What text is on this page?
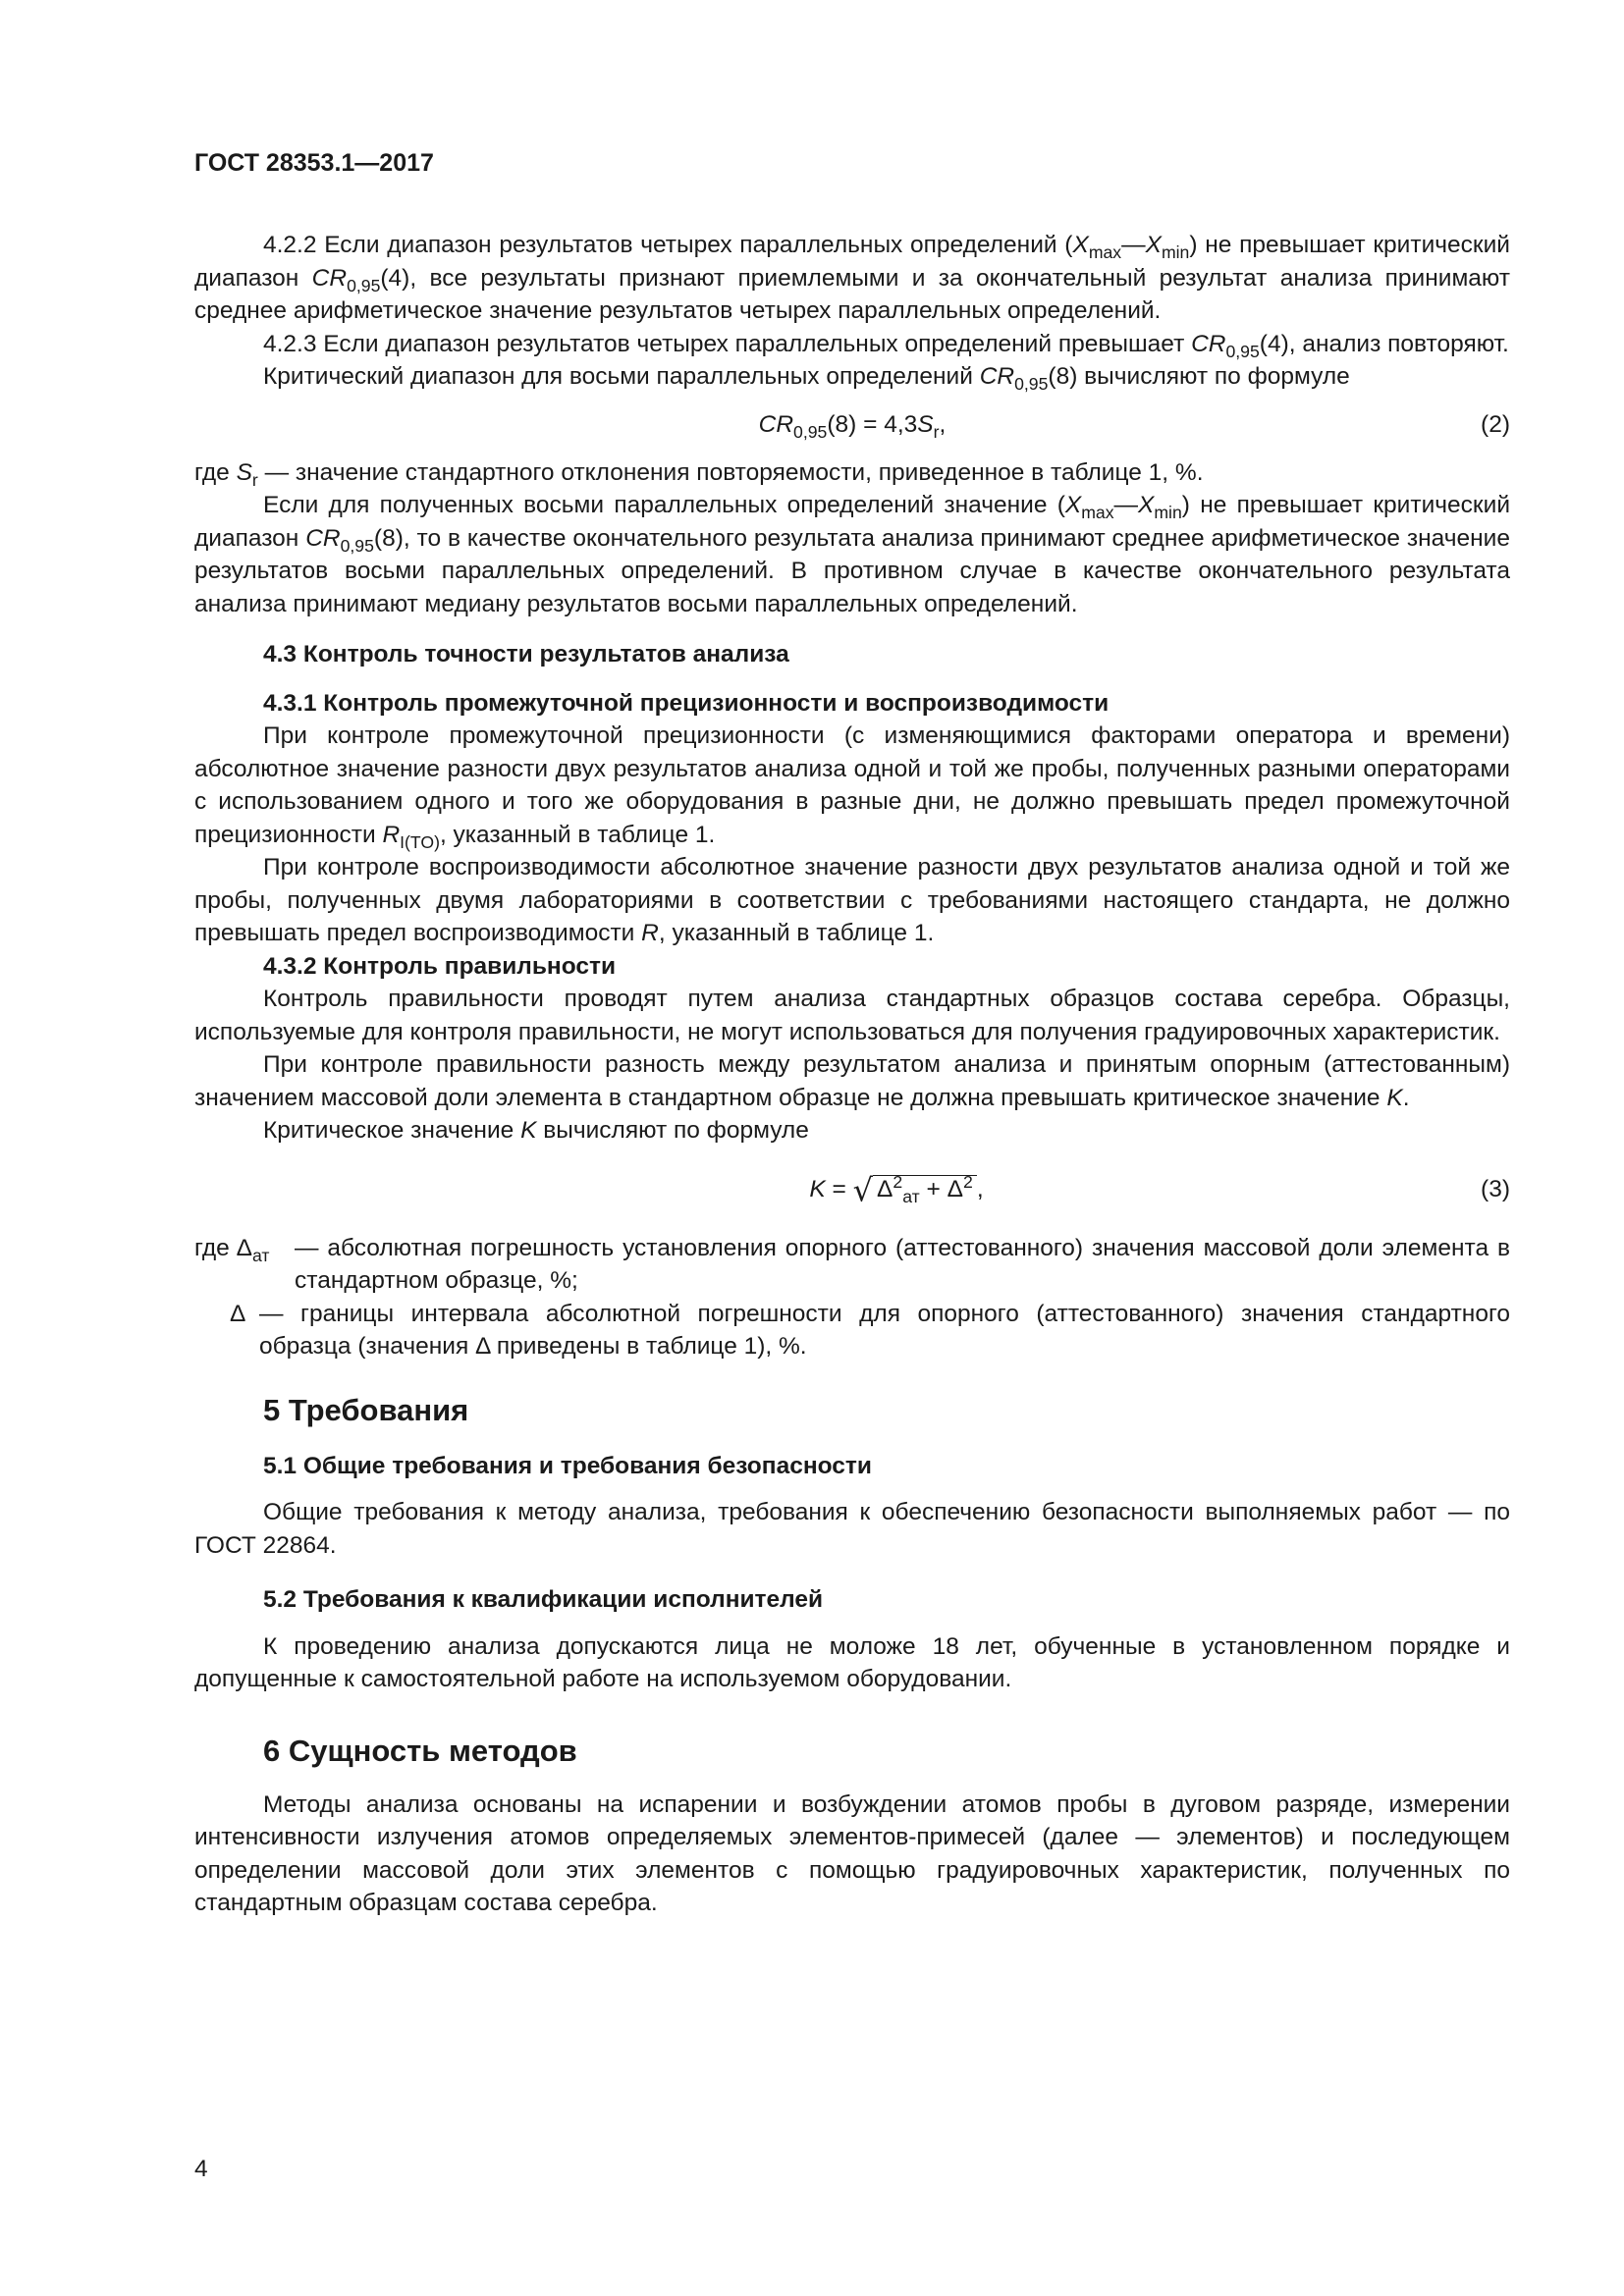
ГОСТ 28353.1—2017

4.2.2 Если диапазон результатов четырех параллельных определений $(X_{max}—X_{min})$ не превышает критический диапазон $CR_{0,95}(4)$, все результаты признают приемлемыми и за окончательный результат анализа принимают среднее арифметическое значение результатов четырех параллельных определений.

4.2.3 Если диапазон результатов четырех параллельных определений превышает $CR_{0,95}(4)$, анализ повторяют.

Критический диапазон для восьми параллельных определений $CR_{0,95}(8)$ вычисляют по формуле

$CR_{0,95}(8) = 4,3S_r$,	(2)

где $S_r$ — значение стандартного отклонения повторяемости, приведенное в таблице 1, %.

Если для полученных восьми параллельных определений значение $(X_{max}—X_{min})$ не превышает критический диапазон $CR_{0,95}(8)$, то в качестве окончательного результата анализа принимают среднее арифметическое значение результатов восьми параллельных определений. В противном случае в качестве окончательного результата анализа принимают медиану результатов восьми параллельных определений.

4.3 Контроль точности результатов анализа

4.3.1 Контроль промежуточной прецизионности и воспроизводимости

При контроле промежуточной прецизионности (с изменяющимися факторами оператора и времени) абсолютное значение разности двух результатов анализа одной и той же пробы, полученных разными операторами с использованием одного и того же оборудования в разные дни, не должно превышать предел промежуточной прецизионности $R_{I(TO)}$, указанный в таблице 1.

При контроле воспроизводимости абсолютное значение разности двух результатов анализа одной и той же пробы, полученных двумя лабораториями в соответствии с требованиями настоящего стандарта, не должно превышать предел воспроизводимости R, указанный в таблице 1.

4.3.2 Контроль правильности

Контроль правильности проводят путем анализа стандартных образцов состава серебра. Образцы, используемые для контроля правильности, не могут использоваться для получения градуировочных характеристик.

При контроле правильности разность между результатом анализа и принятым опорным (аттестованным) значением массовой доли элемента в стандартном образце не должна превышать критическое значение K.

Критическое значение K вычисляют по формуле

K = √ $\Delta^2_{ат} + \Delta^2$ ,	(3)
где $\Delta_{ат}$ — абсолютная погрешность установления опорного (аттестованного) значения массовой доли элемента в стандартном образце, %;
Δ — границы интервала абсолютной погрешности для опорного (аттестованного) значения стандартного образца (значения Δ приведены в таблице 1), %.
5 Требования

5.1 Общие требования и требования безопасности

Общие требования к методу анализа, требования к обеспечению безопасности выполняемых работ — по ГОСТ 22864.

5.2 Требования к квалификации исполнителей

К проведению анализа допускаются лица не моложе 18 лет, обученные в установленном порядке и допущенные к самостоятельной работе на используемом оборудовании.

6 Сущность методов

Методы анализа основаны на испарении и возбуждении атомов пробы в дуговом разряде, измерении интенсивности излучения атомов определяемых элементов-примесей (далее — элементов) и последующем определении массовой доли этих элементов с помощью градуировочных характеристик, полученных по стандартным образцам состава серебра.

4
